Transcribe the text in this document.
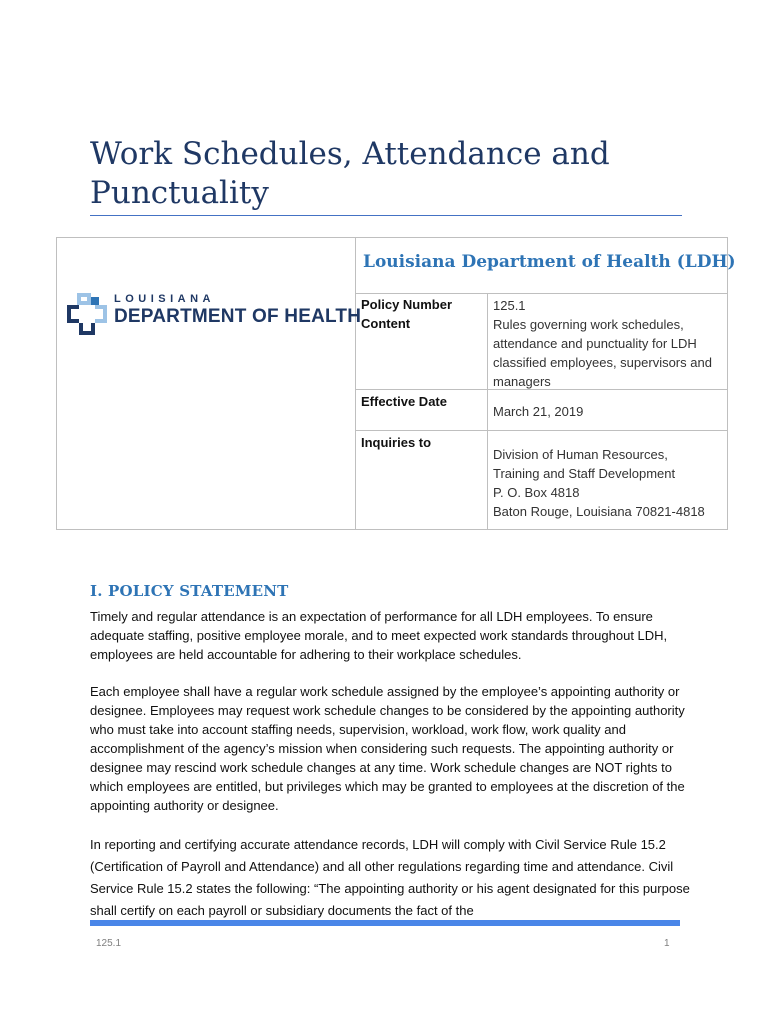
Work Schedules, Attendance and Punctuality
LOUISIANA
DEPARTMENT OF HEALTH
Louisiana Department of Health (LDH)
Policy Number
Content
125.1
Rules governing work schedules, attendance and punctuality for LDH classified employees, supervisors and managers
Effective Date
March 21, 2019
Inquiries to
Division of Human Resources,
Training and Staff Development
P. O. Box 4818
Baton Rouge, Louisiana 70821-4818
I. POLICY STATEMENT

Timely and regular attendance is an expectation of performance for all LDH employees. To ensure adequate staffing, positive employee morale, and to meet expected work standards throughout LDH, employees are held accountable for adhering to their workplace schedules.

Each employee shall have a regular work schedule assigned by the employee’s appointing authority or designee. Employees may request work schedule changes to be considered by the appointing authority who must take into account staffing needs, supervision, workload, work flow, work quality and accomplishment of the agency’s mission when considering such requests. The appointing authority or designee may rescind work schedule changes at any time. Work schedule changes are NOT rights to which employees are entitled, but privileges which may be granted to employees at the discretion of the appointing authority or designee.

In reporting and certifying accurate attendance records, LDH will comply with Civil Service Rule 15.2 (Certification of Payroll and Attendance) and all other regulations regarding time and attendance. Civil Service Rule 15.2 states the following: “The appointing authority or his agent designated for this purpose shall certify on each payroll or subsidiary documents the fact of the

125.1	1
